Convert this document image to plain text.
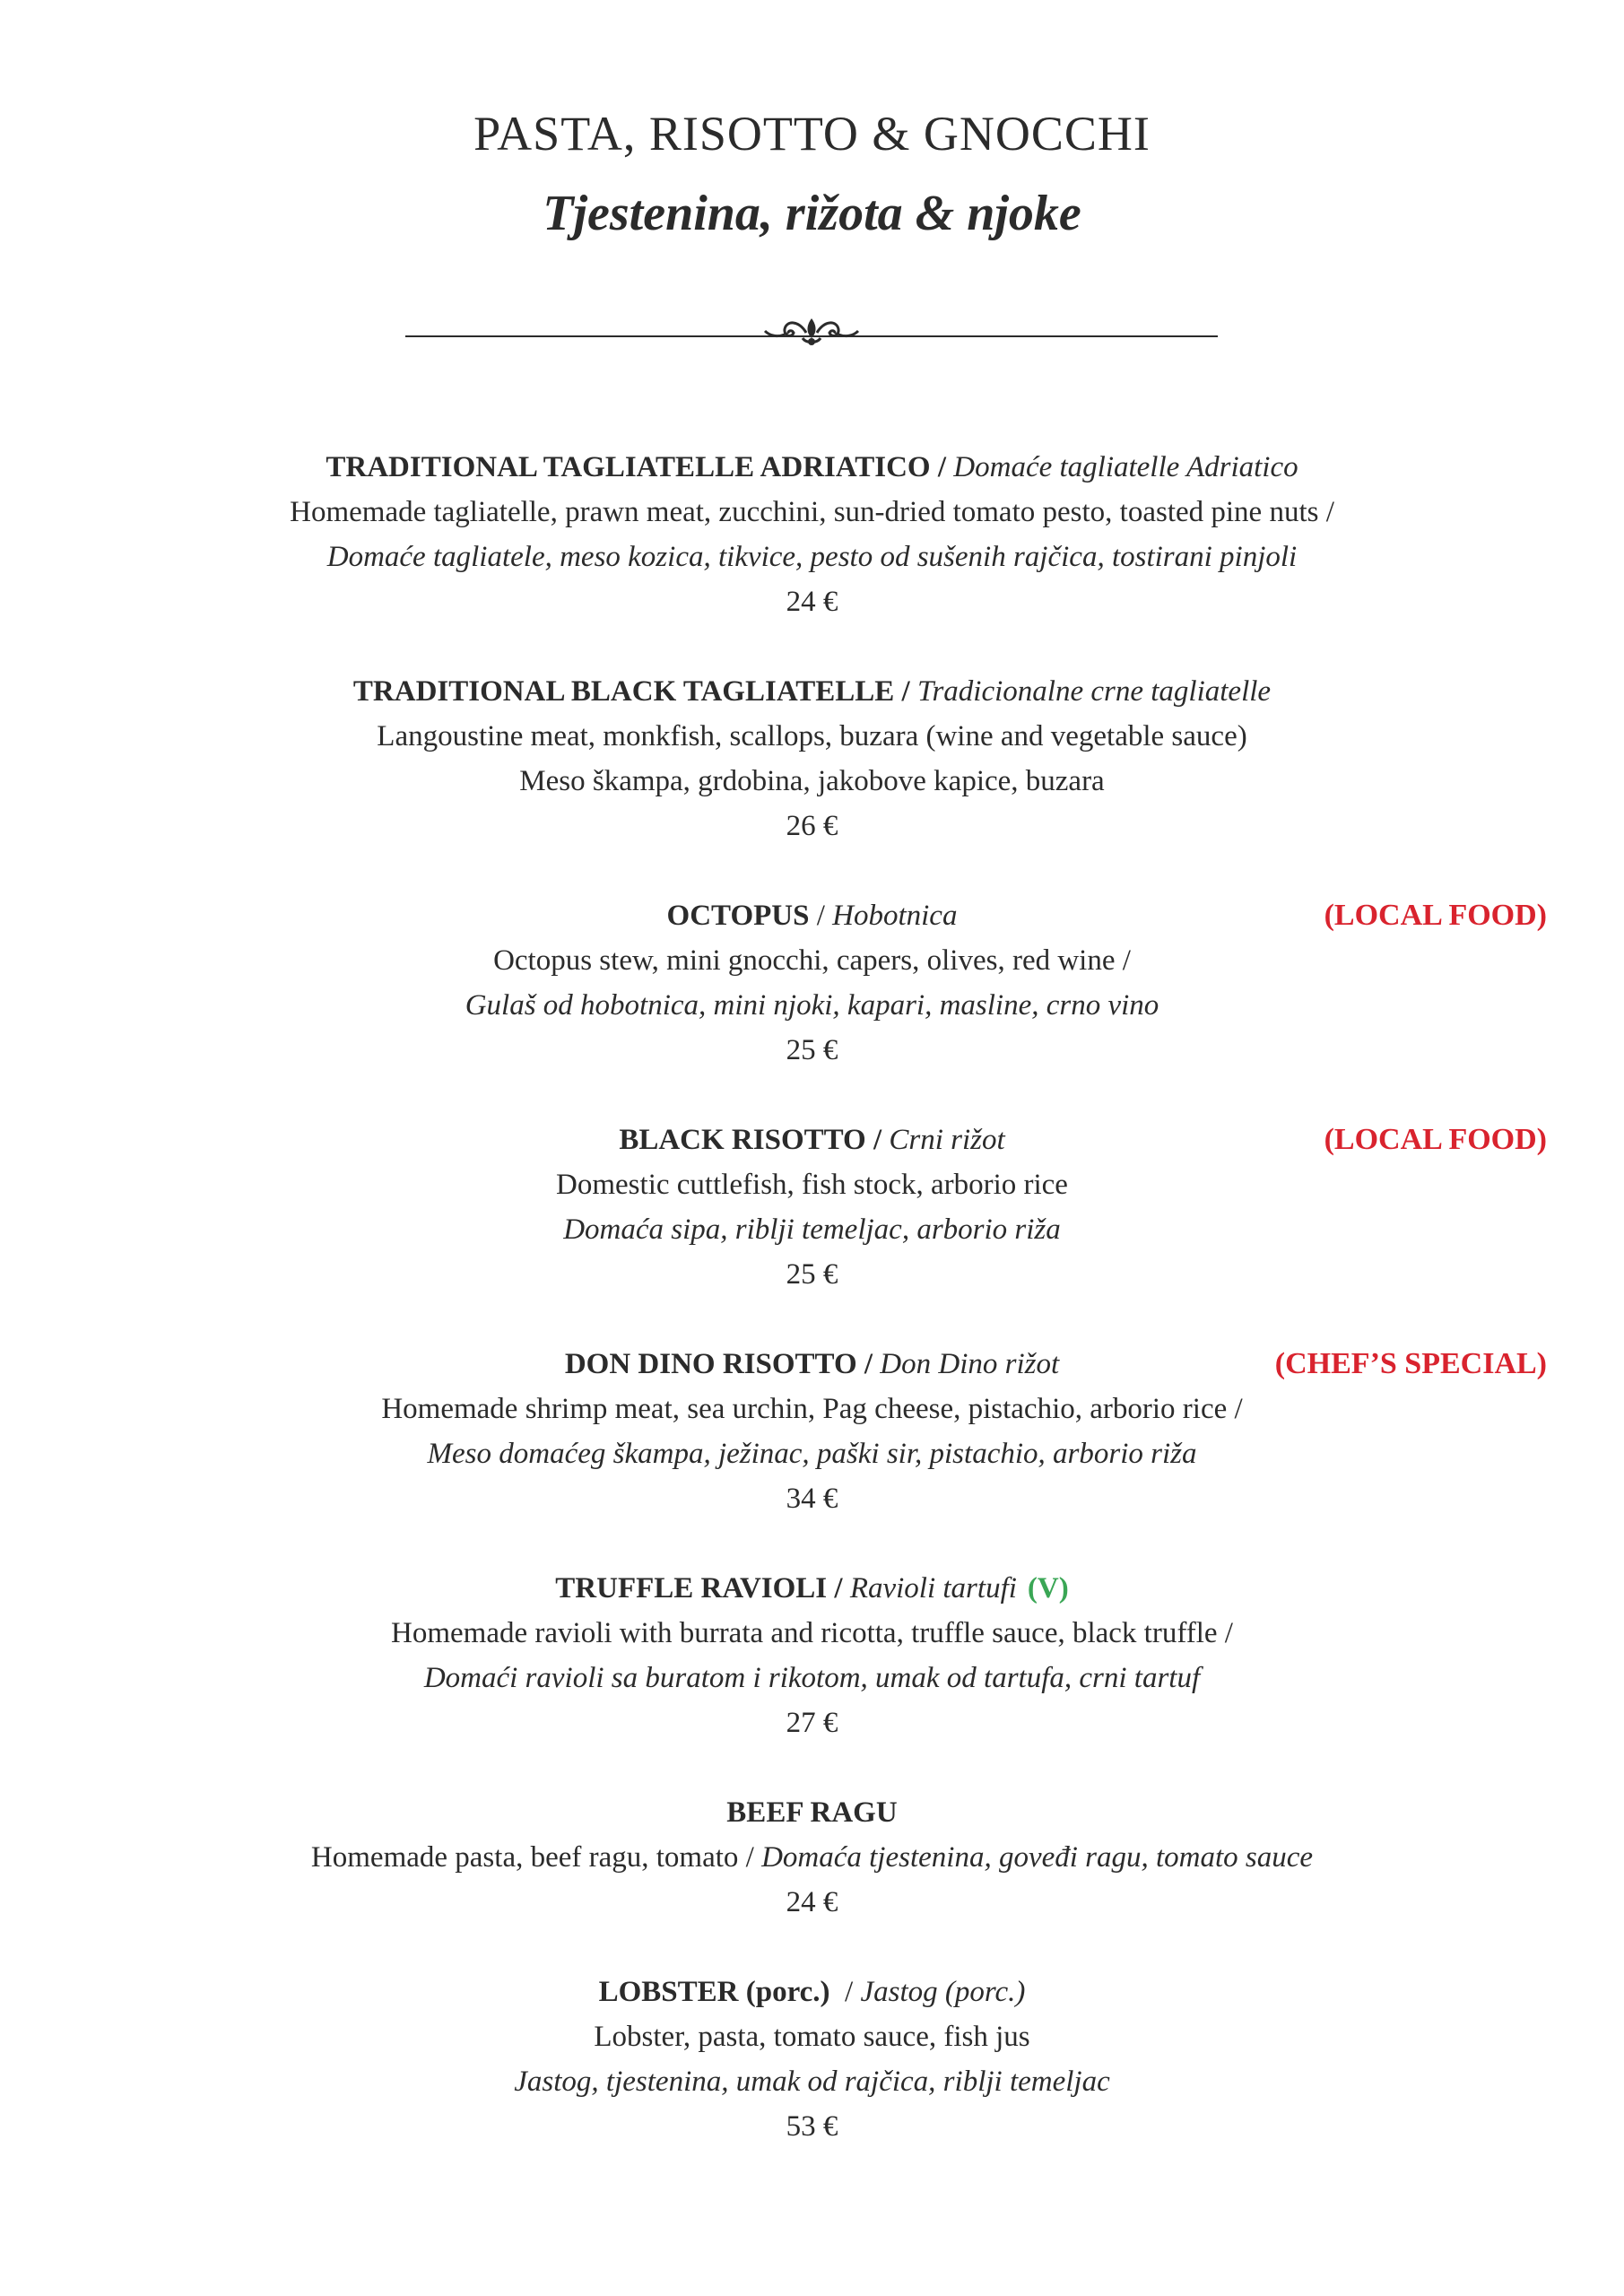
PASTA, RISOTTO & GNOCCHI
Tjestenina, rižota & njoke
TRADITIONAL TAGLIATELLE ADRIATICO / Domaće tagliatelle Adriatico
Homemade tagliatelle, prawn meat, zucchini, sun-dried tomato pesto, toasted pine nuts /
Domaće tagliatele, meso kozica, tikvice, pesto od sušenih rajčica, tostirani pinjoli
24 €
TRADITIONAL BLACK TAGLIATELLE / Tradicionalne crne tagliatelle
Langoustine meat, monkfish, scallops, buzara (wine and vegetable sauce)
Meso škampa, grdobina, jakobove kapice, buzara
26 €
OCTOPUS / Hobotnica	(LOCAL FOOD)
Octopus stew, mini gnocchi, capers, olives, red wine /
Gulaš od hobotnica, mini njoki, kapari, masline, crno vino
25 €
BLACK RISOTTO / Crni rižot	(LOCAL FOOD)
Domestic cuttlefish, fish stock, arborio rice
Domaća sipa, riblji temeljac, arborio riža
25 €
DON DINO RISOTTO / Don Dino rižot	(CHEF’S SPECIAL)
Homemade shrimp meat, sea urchin, Pag cheese, pistachio, arborio rice /
Meso domaćeg škampa, ježinac, paški sir, pistachio, arborio riža
34 €
TRUFFLE RAVIOLI / Ravioli tartufi (V)
Homemade ravioli with burrata and ricotta, truffle sauce, black truffle /
Domaći ravioli sa buratom i rikotom, umak od tartufa, crni tartuf
27 €
BEEF RAGU
Homemade pasta, beef ragu, tomato / Domaća tjestenina, goveđi ragu, tomato sauce
24 €
LOBSTER (porc.) / Jastog (porc.)
Lobster, pasta, tomato sauce, fish jus
Jastog, tjestenina, umak od rajčica, riblji temeljac
53 €
